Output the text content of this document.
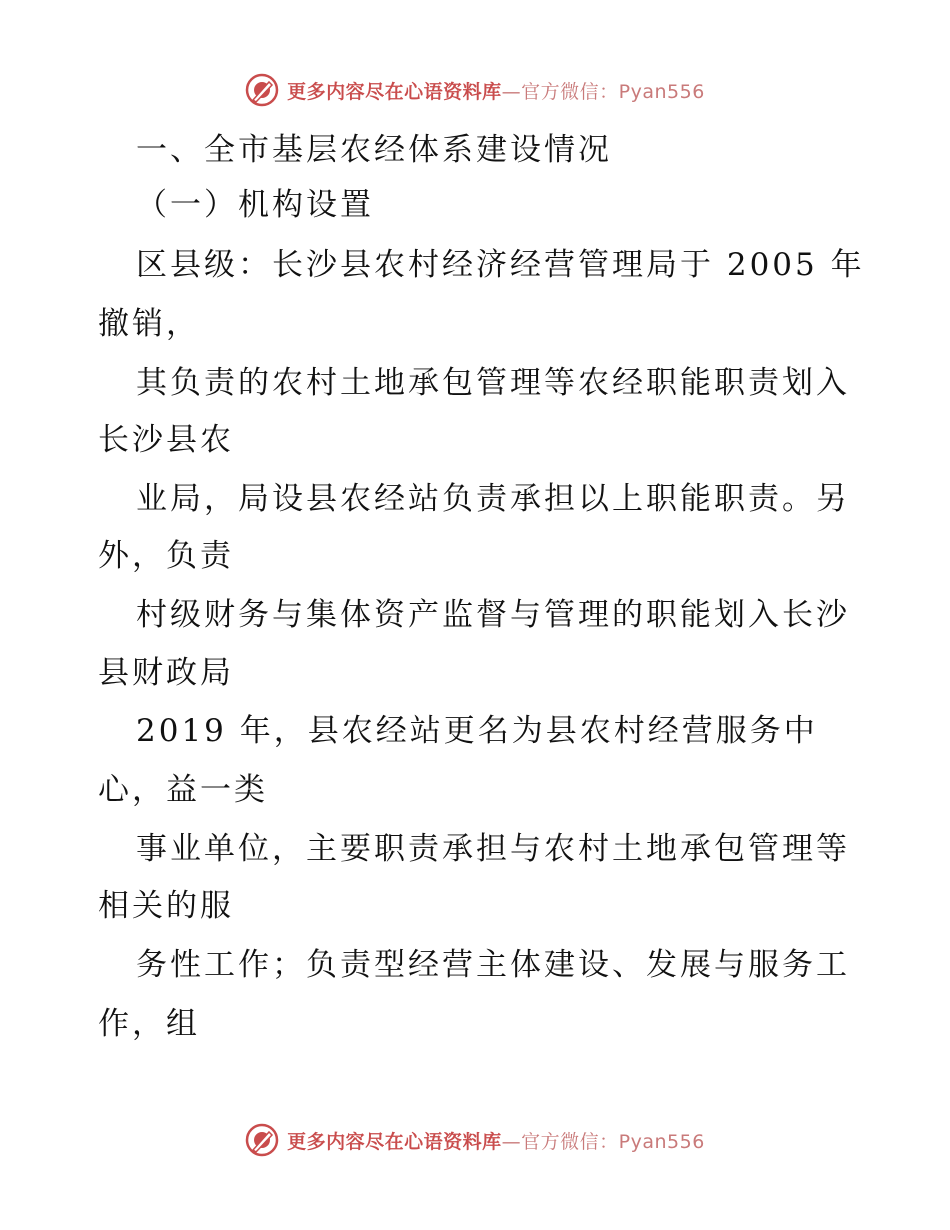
更多内容尽在心语资料库—官方微信：Pyan556
一、全市基层农经体系建设情况
（一）机构设置
区县级：长沙县农村经济经营管理局于 2005 年
撤销，
其负责的农村土地承包管理等农经职能职责划入
长沙县农
业局，局设县农经站负责承担以上职能职责。另
外，负责
村级财务与集体资产监督与管理的职能划入长沙
县财政局
2019 年，县农经站更名为县农村经营服务中
心，益一类
事业单位，主要职责承担与农村土地承包管理等
相关的服
务性工作；负责型经营主体建设、发展与服务工
作，组
更多内容尽在心语资料库—官方微信：Pyan556
